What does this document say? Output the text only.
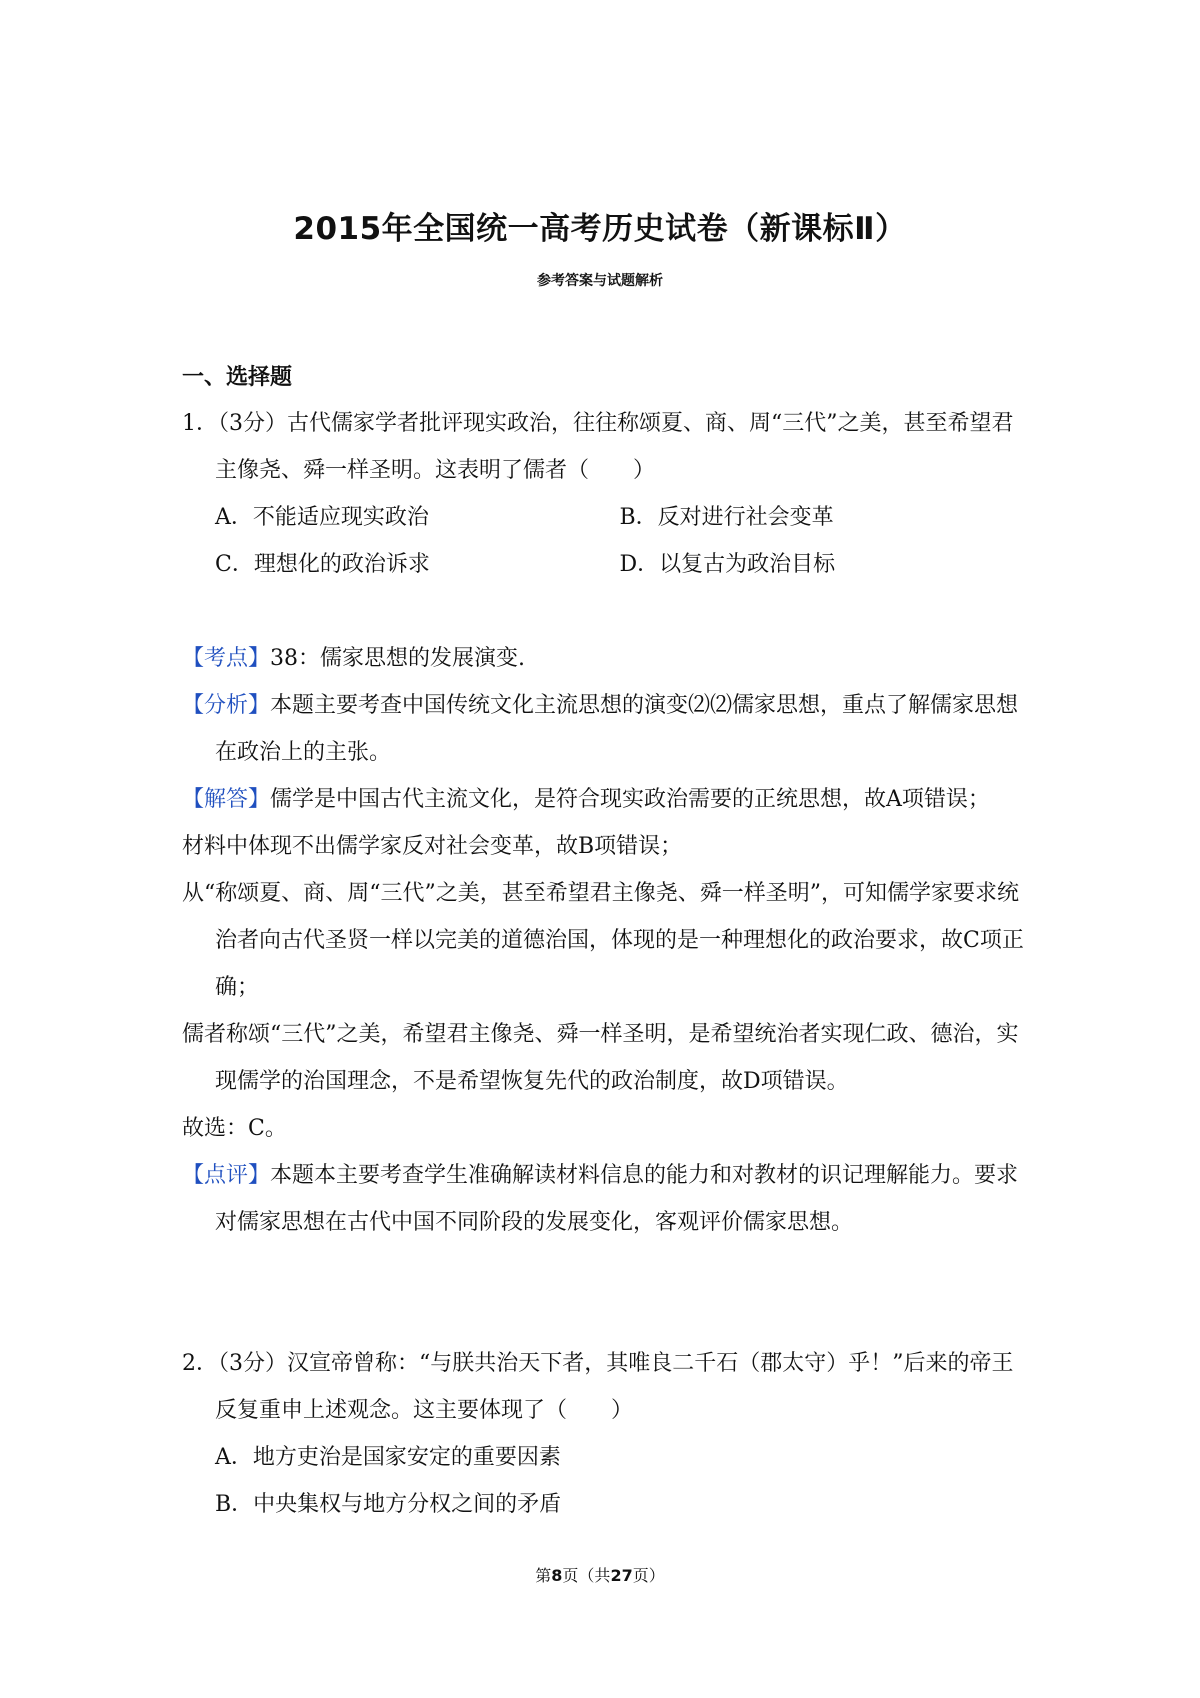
2015年全国统一高考历史试卷（新课标Ⅱ）
参考答案与试题解析
一、选择题

1．（3分）古代儒家学者批评现实政治，往往称颂夏、商、周“三代”之美，甚至希望君主像尧、舜一样圣明。这表明了儒者（　　）

A．不能适应现实政治	B．反对进行社会变革
C．理想化的政治诉求	D．以复古为政治目标

【考点】38：儒家思想的发展演变.

【分析】本题主要考查中国传统文化主流思想的演变⑵⑵儒家思想，重点了解儒家思想在政治上的主张。

【解答】儒学是中国古代主流文化，是符合现实政治需要的正统思想，故A项错误；

材料中体现不出儒学家反对社会变革，故B项错误；

从“称颂夏、商、周“三代”之美，甚至希望君主像尧、舜一样圣明”，可知儒学家要求统治者向古代圣贤一样以完美的道德治国，体现的是一种理想化的政治要求，故C项正确；

儒者称颂“三代”之美，希望君主像尧、舜一样圣明，是希望统治者实现仁政、德治，实现儒学的治国理念，不是希望恢复先代的政治制度，故D项错误。

故选：C。

【点评】本题本主要考查学生准确解读材料信息的能力和对教材的识记理解能力。要求对儒家思想在古代中国不同阶段的发展变化，客观评价儒家思想。

2．（3分）汉宣帝曾称：“与朕共治天下者，其唯良二千石（郡太守）乎！”后来的帝王反复重申上述观念。这主要体现了（　　）

A．地方吏治是国家安定的重要因素
B．中央集权与地方分权之间的矛盾
第8页（共27页）
